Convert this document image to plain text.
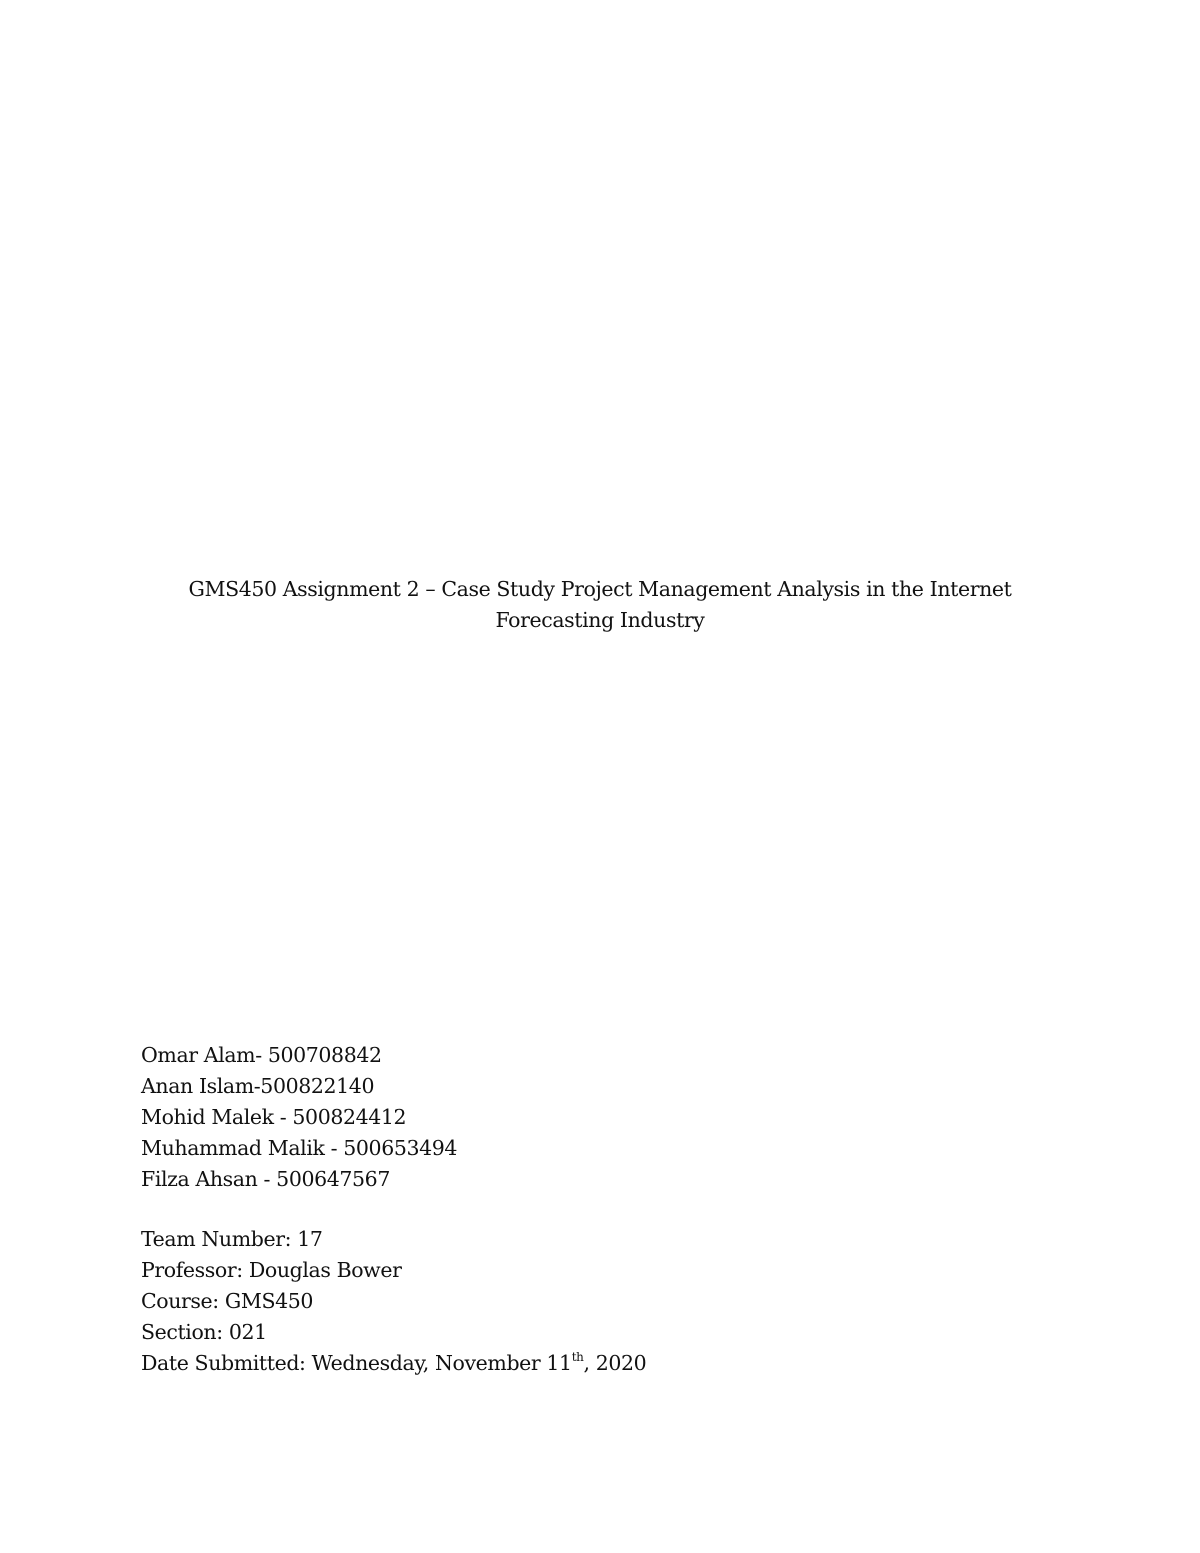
GMS450 Assignment 2 – Case Study Project Management Analysis in the Internet
Forecasting Industry
Omar Alam- 500708842
Anan Islam-500822140
Mohid Malek - 500824412
Muhammad Malik - 500653494
Filza Ahsan - 500647567
Team Number: 17
Professor: Douglas Bower
Course: GMS450
Section: 021
Date Submitted: Wednesday, November 11th, 2020
